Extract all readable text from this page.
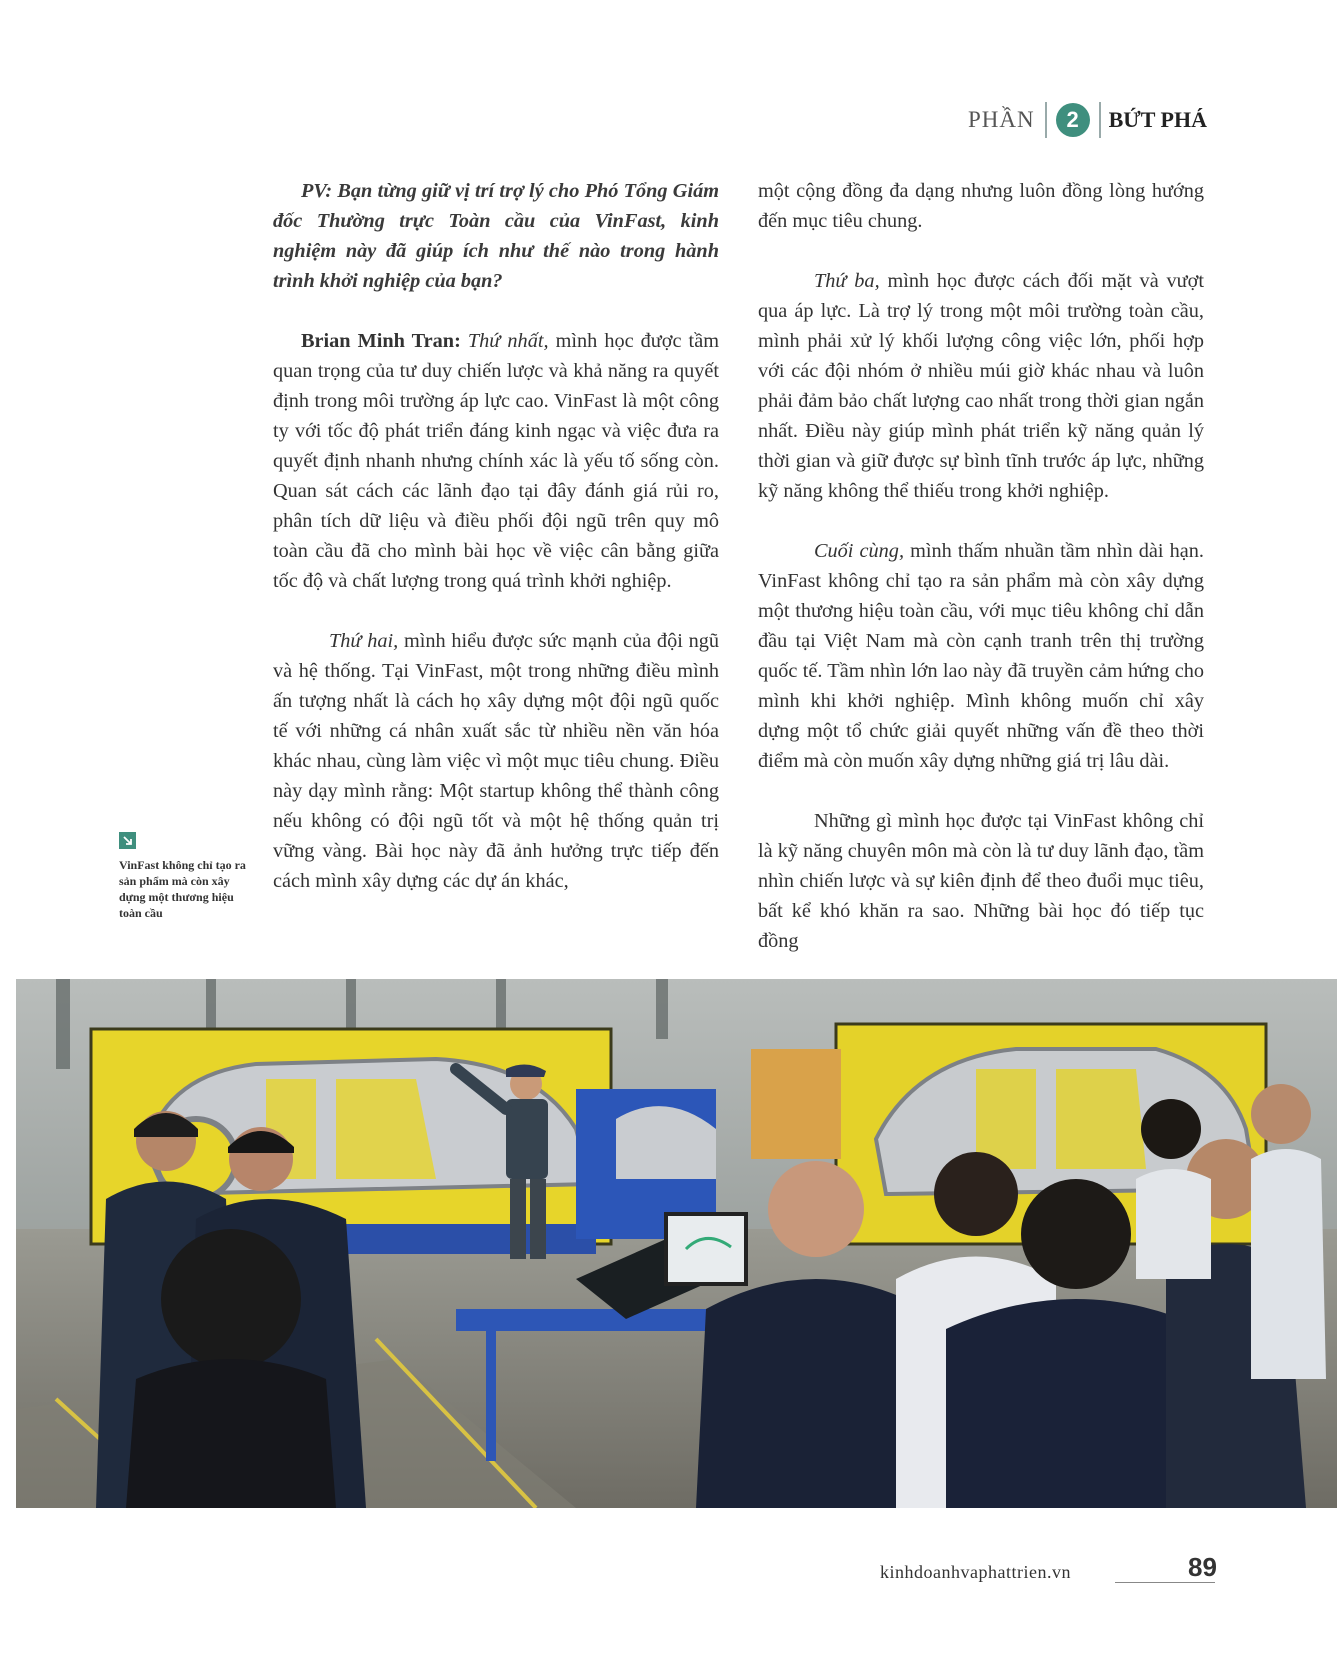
PHẦN	2	BỨT PHÁ

PV: Bạn từng giữ vị trí trợ lý cho Phó Tổng Giám đốc Thường trực Toàn cầu của VinFast, kinh nghiệm này đã giúp ích như thế nào trong hành trình khởi nghiệp của bạn?

Brian Minh Tran: Thứ nhất, mình học được tầm quan trọng của tư duy chiến lược và khả năng ra quyết định trong môi trường áp lực cao. VinFast là một công ty với tốc độ phát triển đáng kinh ngạc và việc đưa ra quyết định nhanh nhưng chính xác là yếu tố sống còn. Quan sát cách các lãnh đạo tại đây đánh giá rủi ro, phân tích dữ liệu và điều phối đội ngũ trên quy mô toàn cầu đã cho mình bài học về việc cân bằng giữa tốc độ và chất lượng trong quá trình khởi nghiệp.

Thứ hai, mình hiểu được sức mạnh của đội ngũ và hệ thống. Tại VinFast, một trong những điều mình ấn tượng nhất là cách họ xây dựng một đội ngũ quốc tế với những cá nhân xuất sắc từ nhiều nền văn hóa khác nhau, cùng làm việc vì một mục tiêu chung. Điều này dạy mình rằng: Một startup không thể thành công nếu không có đội ngũ tốt và một hệ thống quản trị vững vàng. Bài học này đã ảnh hưởng trực tiếp đến cách mình xây dựng các dự án khác,

một cộng đồng đa dạng nhưng luôn đồng lòng hướng đến mục tiêu chung.

Thứ ba, mình học được cách đối mặt và vượt qua áp lực. Là trợ lý trong một môi trường toàn cầu, mình phải xử lý khối lượng công việc lớn, phối hợp với các đội nhóm ở nhiều múi giờ khác nhau và luôn phải đảm bảo chất lượng cao nhất trong thời gian ngắn nhất. Điều này giúp mình phát triển kỹ năng quản lý thời gian và giữ được sự bình tĩnh trước áp lực, những kỹ năng không thể thiếu trong khởi nghiệp.

Cuối cùng, mình thấm nhuần tầm nhìn dài hạn. VinFast không chỉ tạo ra sản phẩm mà còn xây dựng một thương hiệu toàn cầu, với mục tiêu không chỉ dẫn đầu tại Việt Nam mà còn cạnh tranh trên thị trường quốc tế. Tầm nhìn lớn lao này đã truyền cảm hứng cho mình khi khởi nghiệp. Mình không muốn chỉ xây dựng một tổ chức giải quyết những vấn đề theo thời điểm mà còn muốn xây dựng những giá trị lâu dài.

Những gì mình học được tại VinFast không chỉ là kỹ năng chuyên môn mà còn là tư duy lãnh đạo, tầm nhìn chiến lược và sự kiên định để theo đuổi mục tiêu, bất kể khó khăn ra sao. Những bài học đó tiếp tục đồng

VinFast không chỉ tạo ra sản phẩm mà còn xây dựng một thương hiệu toàn cầu
kinhdoanhvaphattrien.vn	89
